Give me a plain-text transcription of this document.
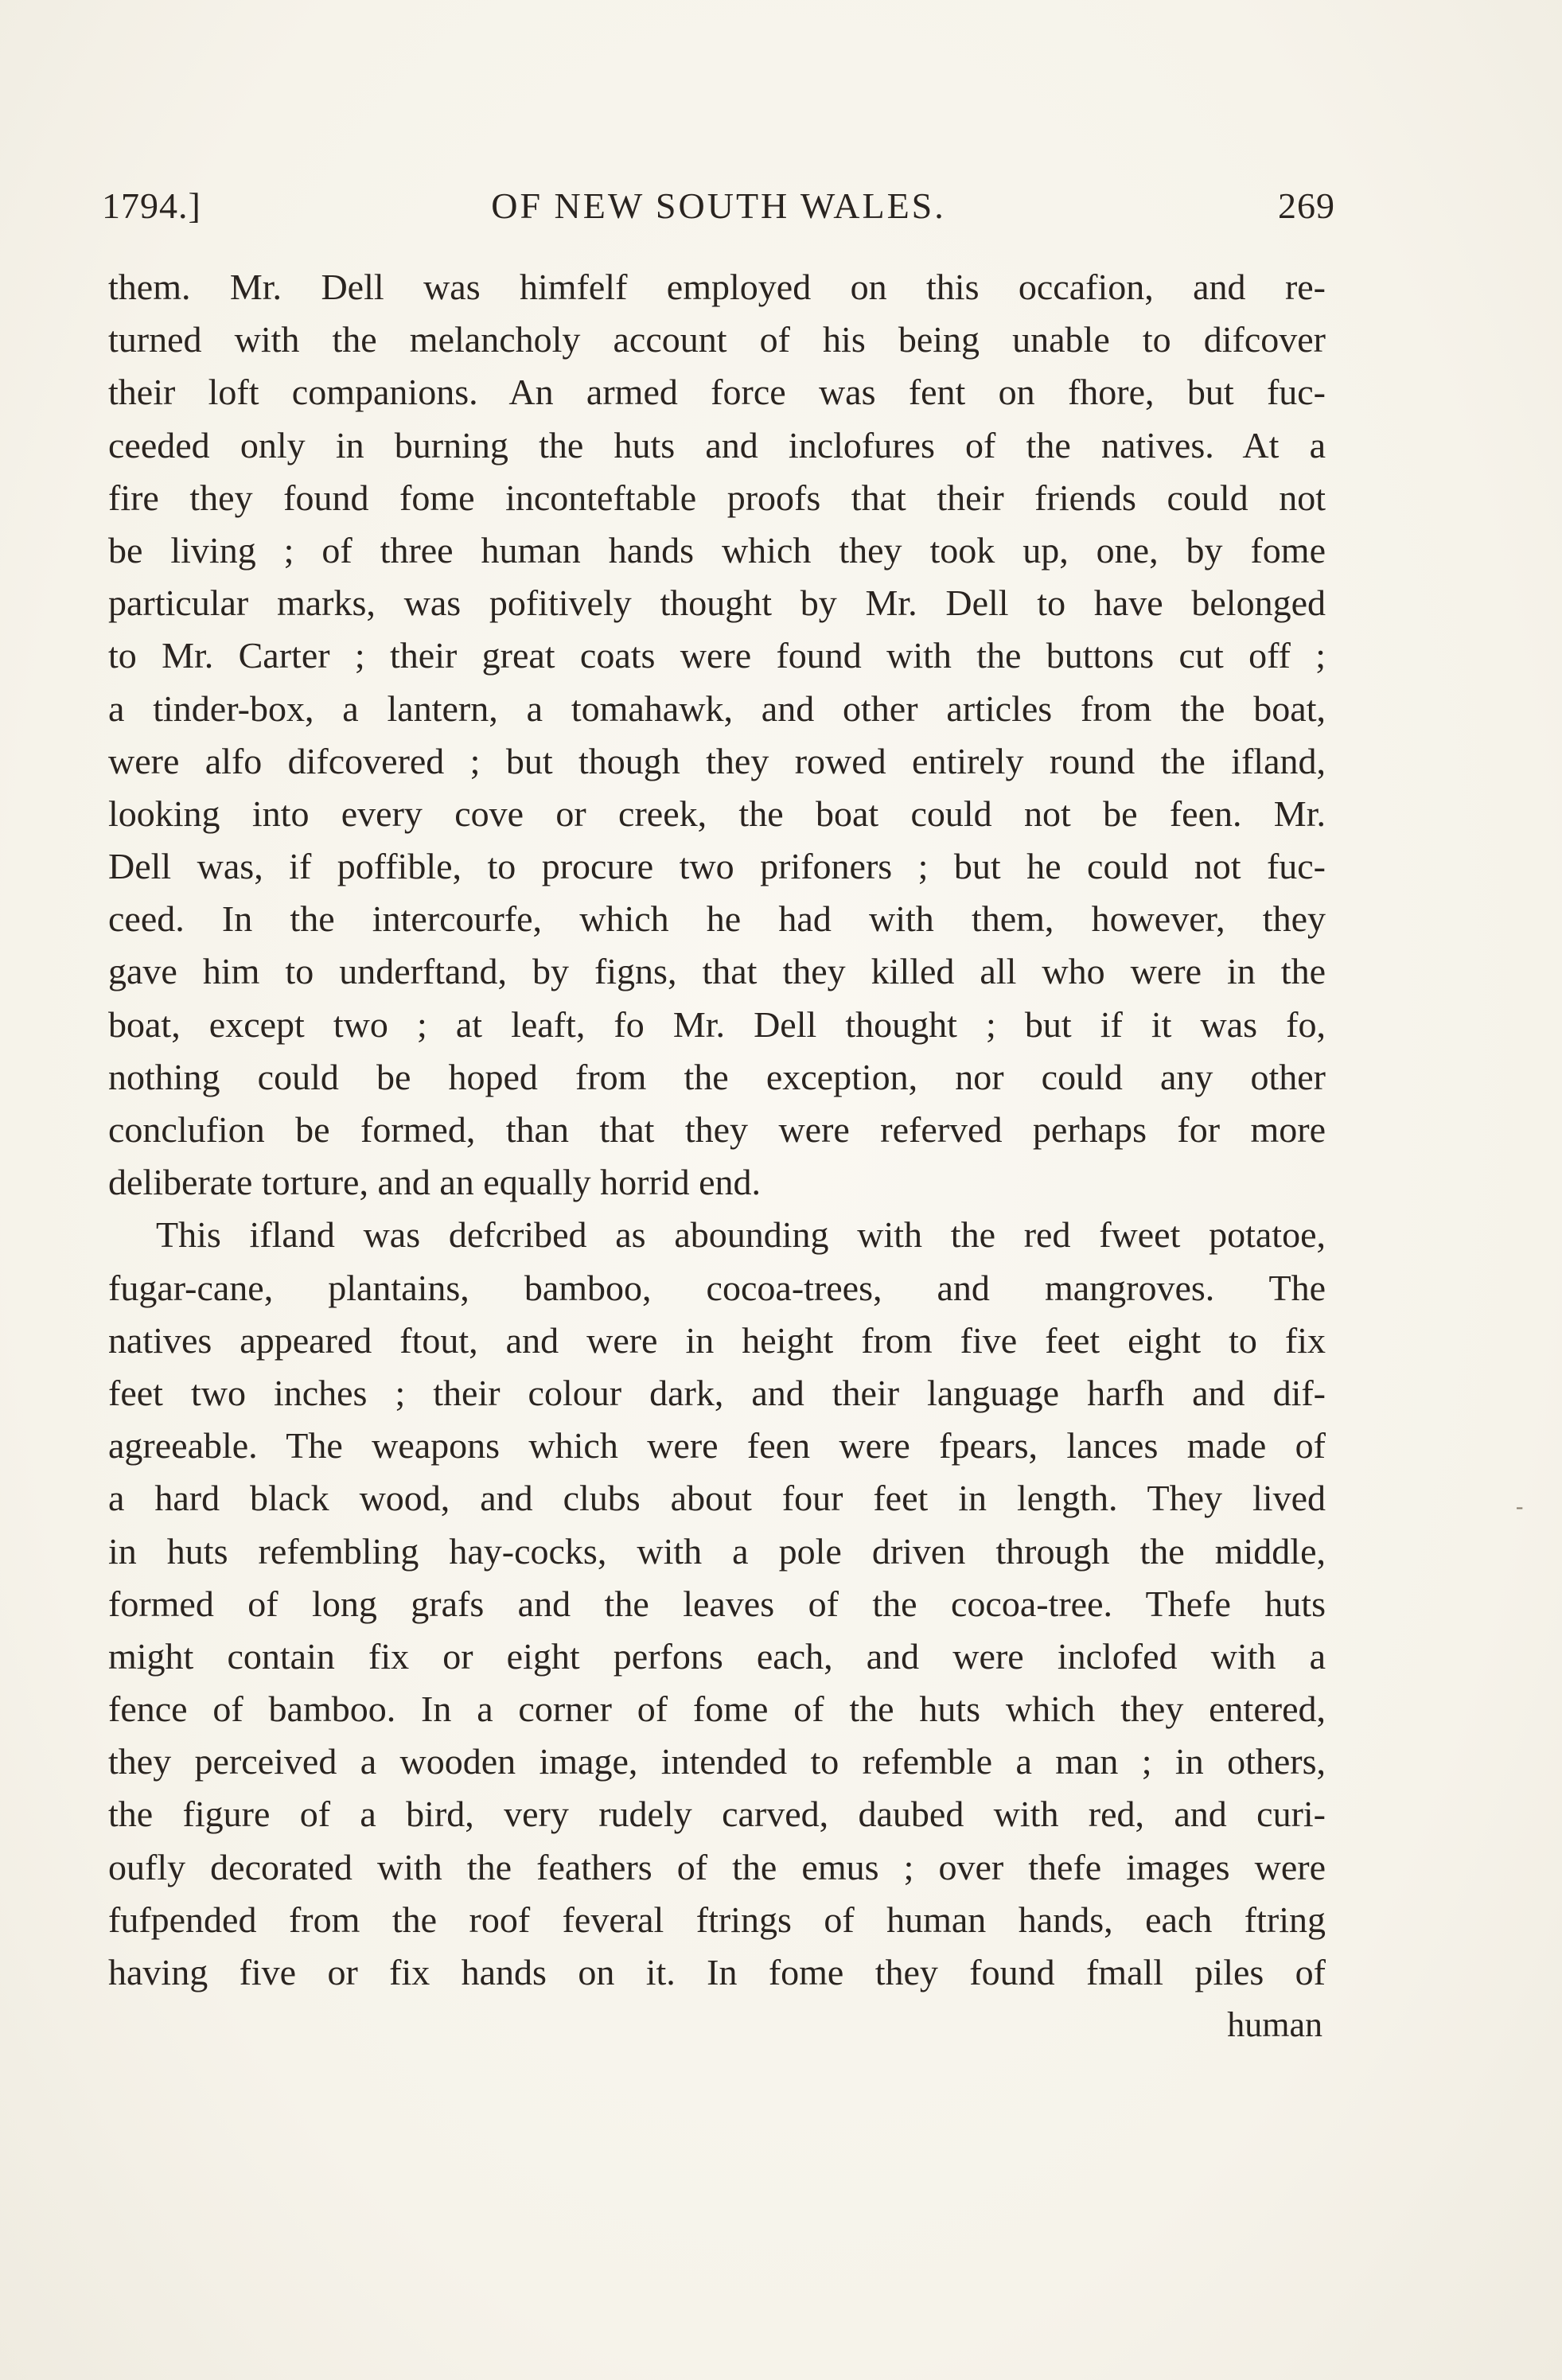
1794.]	OF NEW SOUTH WALES.	269
them. Mr. Dell was himfelf employed on this occafion, and re-
turned with the melancholy account of his being unable to difcover
their loft companions. An armed force was fent on fhore, but fuc-
ceeded only in burning the huts and inclofures of the natives. At a
fire they found fome inconteftable proofs that their friends could not
be living ; of three human hands which they took up, one, by fome
particular marks, was pofitively thought by Mr. Dell to have belonged
to Mr. Carter ; their great coats were found with the buttons cut off ;
a tinder-box, a lantern, a tomahawk, and other articles from the boat,
were alfo difcovered ; but though they rowed entirely round the ifland,
looking into every cove or creek, the boat could not be feen. Mr.
Dell was, if poffible, to procure two prifoners ; but he could not fuc-
ceed. In the intercourfe, which he had with them, however, they
gave him to underftand, by figns, that they killed all who were in the
boat, except two ; at leaft, fo Mr. Dell thought ; but if it was fo,
nothing could be hoped from the exception, nor could any other
conclufion be formed, than that they were referved perhaps for more
deliberate torture, and an equally horrid end.
This ifland was defcribed as abounding with the red fweet potatoe,
fugar-cane, plantains, bamboo, cocoa-trees, and mangroves. The
natives appeared ftout, and were in height from five feet eight to fix
feet two inches ; their colour dark, and their language harfh and dif-
agreeable. The weapons which were feen were fpears, lances made of
a hard black wood, and clubs about four feet in length. They lived
in huts refembling hay-cocks, with a pole driven through the middle,
formed of long grafs and the leaves of the cocoa-tree. Thefe huts
might contain fix or eight perfons each, and were inclofed with a
fence of bamboo. In a corner of fome of the huts which they entered,
they perceived a wooden image, intended to refemble a man ; in others,
the figure of a bird, very rudely carved, daubed with red, and curi-
oufly decorated with the feathers of the emus ; over thefe images were
fufpended from the roof feveral ftrings of human hands, each ftring
having five or fix hands on it. In fome they found fmall piles of
human
-
